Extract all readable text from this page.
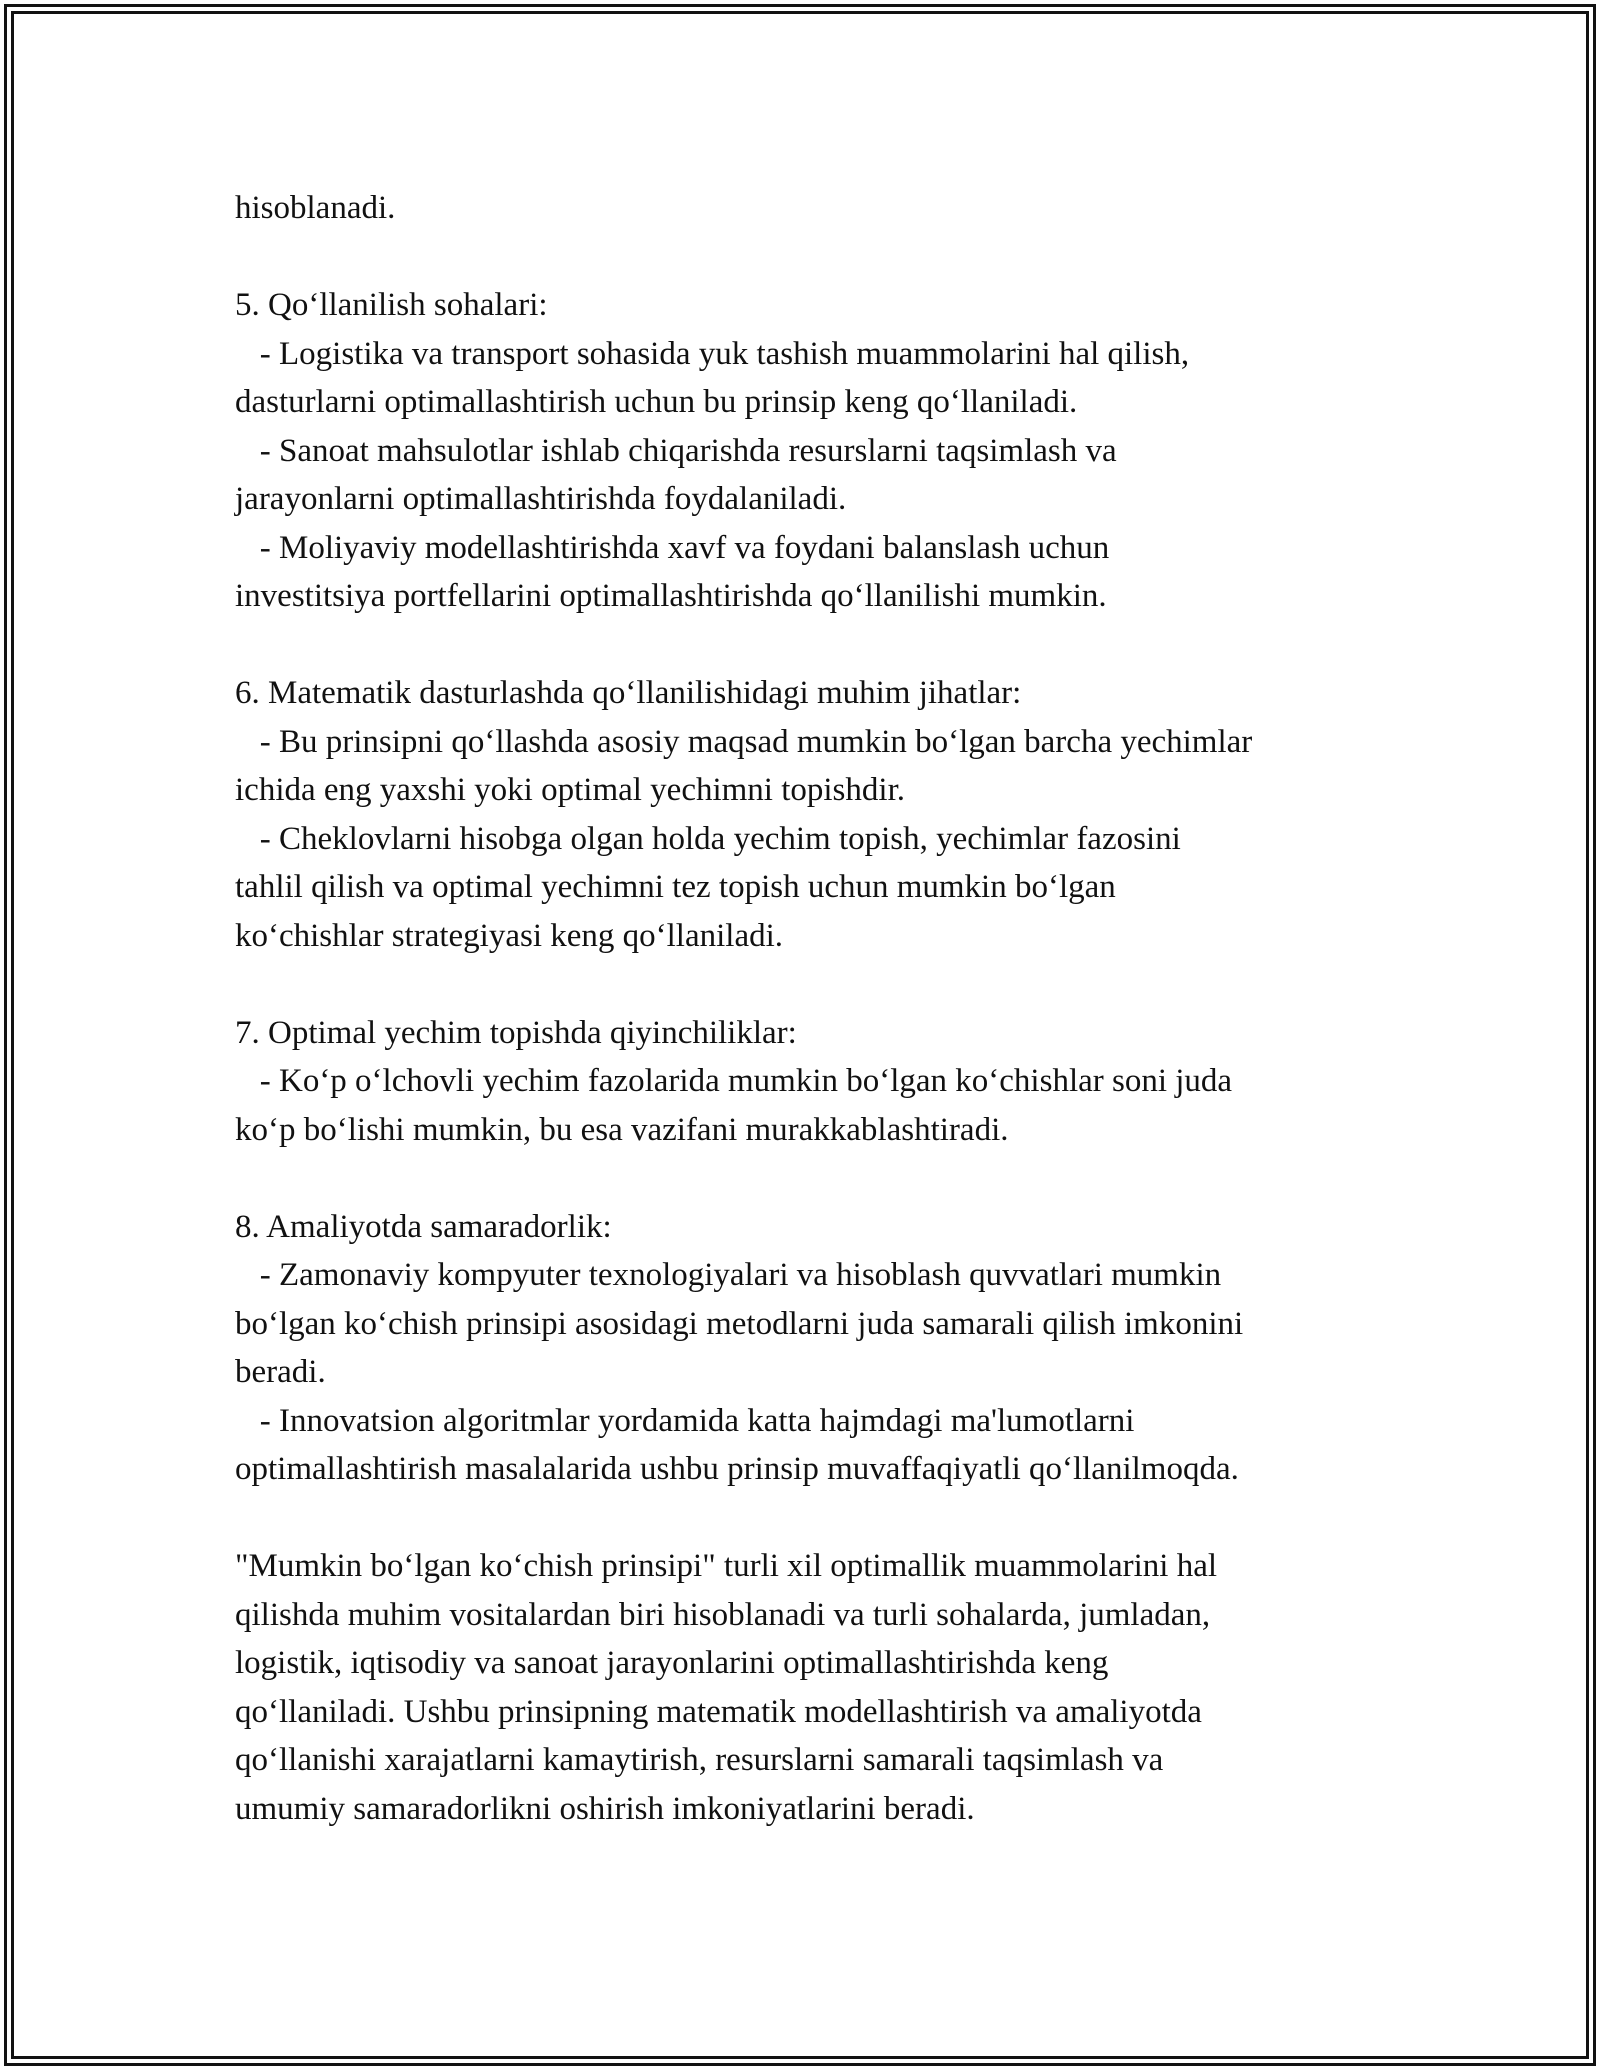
hisoblanadi.

5. Qo‘llanilish sohalari:

- Logistika va transport sohasida yuk tashish muammolarini hal qilish,

dasturlarni optimallashtirish uchun bu prinsip keng qo‘llaniladi.

- Sanoat mahsulotlar ishlab chiqarishda resurslarni taqsimlash va

jarayonlarni optimallashtirishda foydalaniladi.

- Moliyaviy modellashtirishda xavf va foydani balanslash uchun

investitsiya portfellarini optimallashtirishda qo‘llanilishi mumkin.

6. Matematik dasturlashda qo‘llanilishidagi muhim jihatlar:

- Bu prinsipni qo‘llashda asosiy maqsad mumkin bo‘lgan barcha yechimlar

ichida eng yaxshi yoki optimal yechimni topishdir.

- Cheklovlarni hisobga olgan holda yechim topish, yechimlar fazosini

tahlil qilish va optimal yechimni tez topish uchun mumkin bo‘lgan

ko‘chishlar strategiyasi keng qo‘llaniladi.

7. Optimal yechim topishda qiyinchiliklar:

- Ko‘p o‘lchovli yechim fazolarida mumkin bo‘lgan ko‘chishlar soni juda

ko‘p bo‘lishi mumkin, bu esa vazifani murakkablashtiradi.

8. Amaliyotda samaradorlik:

- Zamonaviy kompyuter texnologiyalari va hisoblash quvvatlari mumkin

bo‘lgan ko‘chish prinsipi asosidagi metodlarni juda samarali qilish imkonini

beradi.

- Innovatsion algoritmlar yordamida katta hajmdagi ma'lumotlarni

optimallashtirish masalalarida ushbu prinsip muvaffaqiyatli qo‘llanilmoqda.

"Mumkin bo‘lgan ko‘chish prinsipi" turli xil optimallik muammolarini hal

qilishda muhim vositalardan biri hisoblanadi va turli sohalarda, jumladan,

logistik, iqtisodiy va sanoat jarayonlarini optimallashtirishda keng

qo‘llaniladi. Ushbu prinsipning matematik modellashtirish va amaliyotda

qo‘llanishi xarajatlarni kamaytirish, resurslarni samarali taqsimlash va

umumiy samaradorlikni oshirish imkoniyatlarini beradi.
